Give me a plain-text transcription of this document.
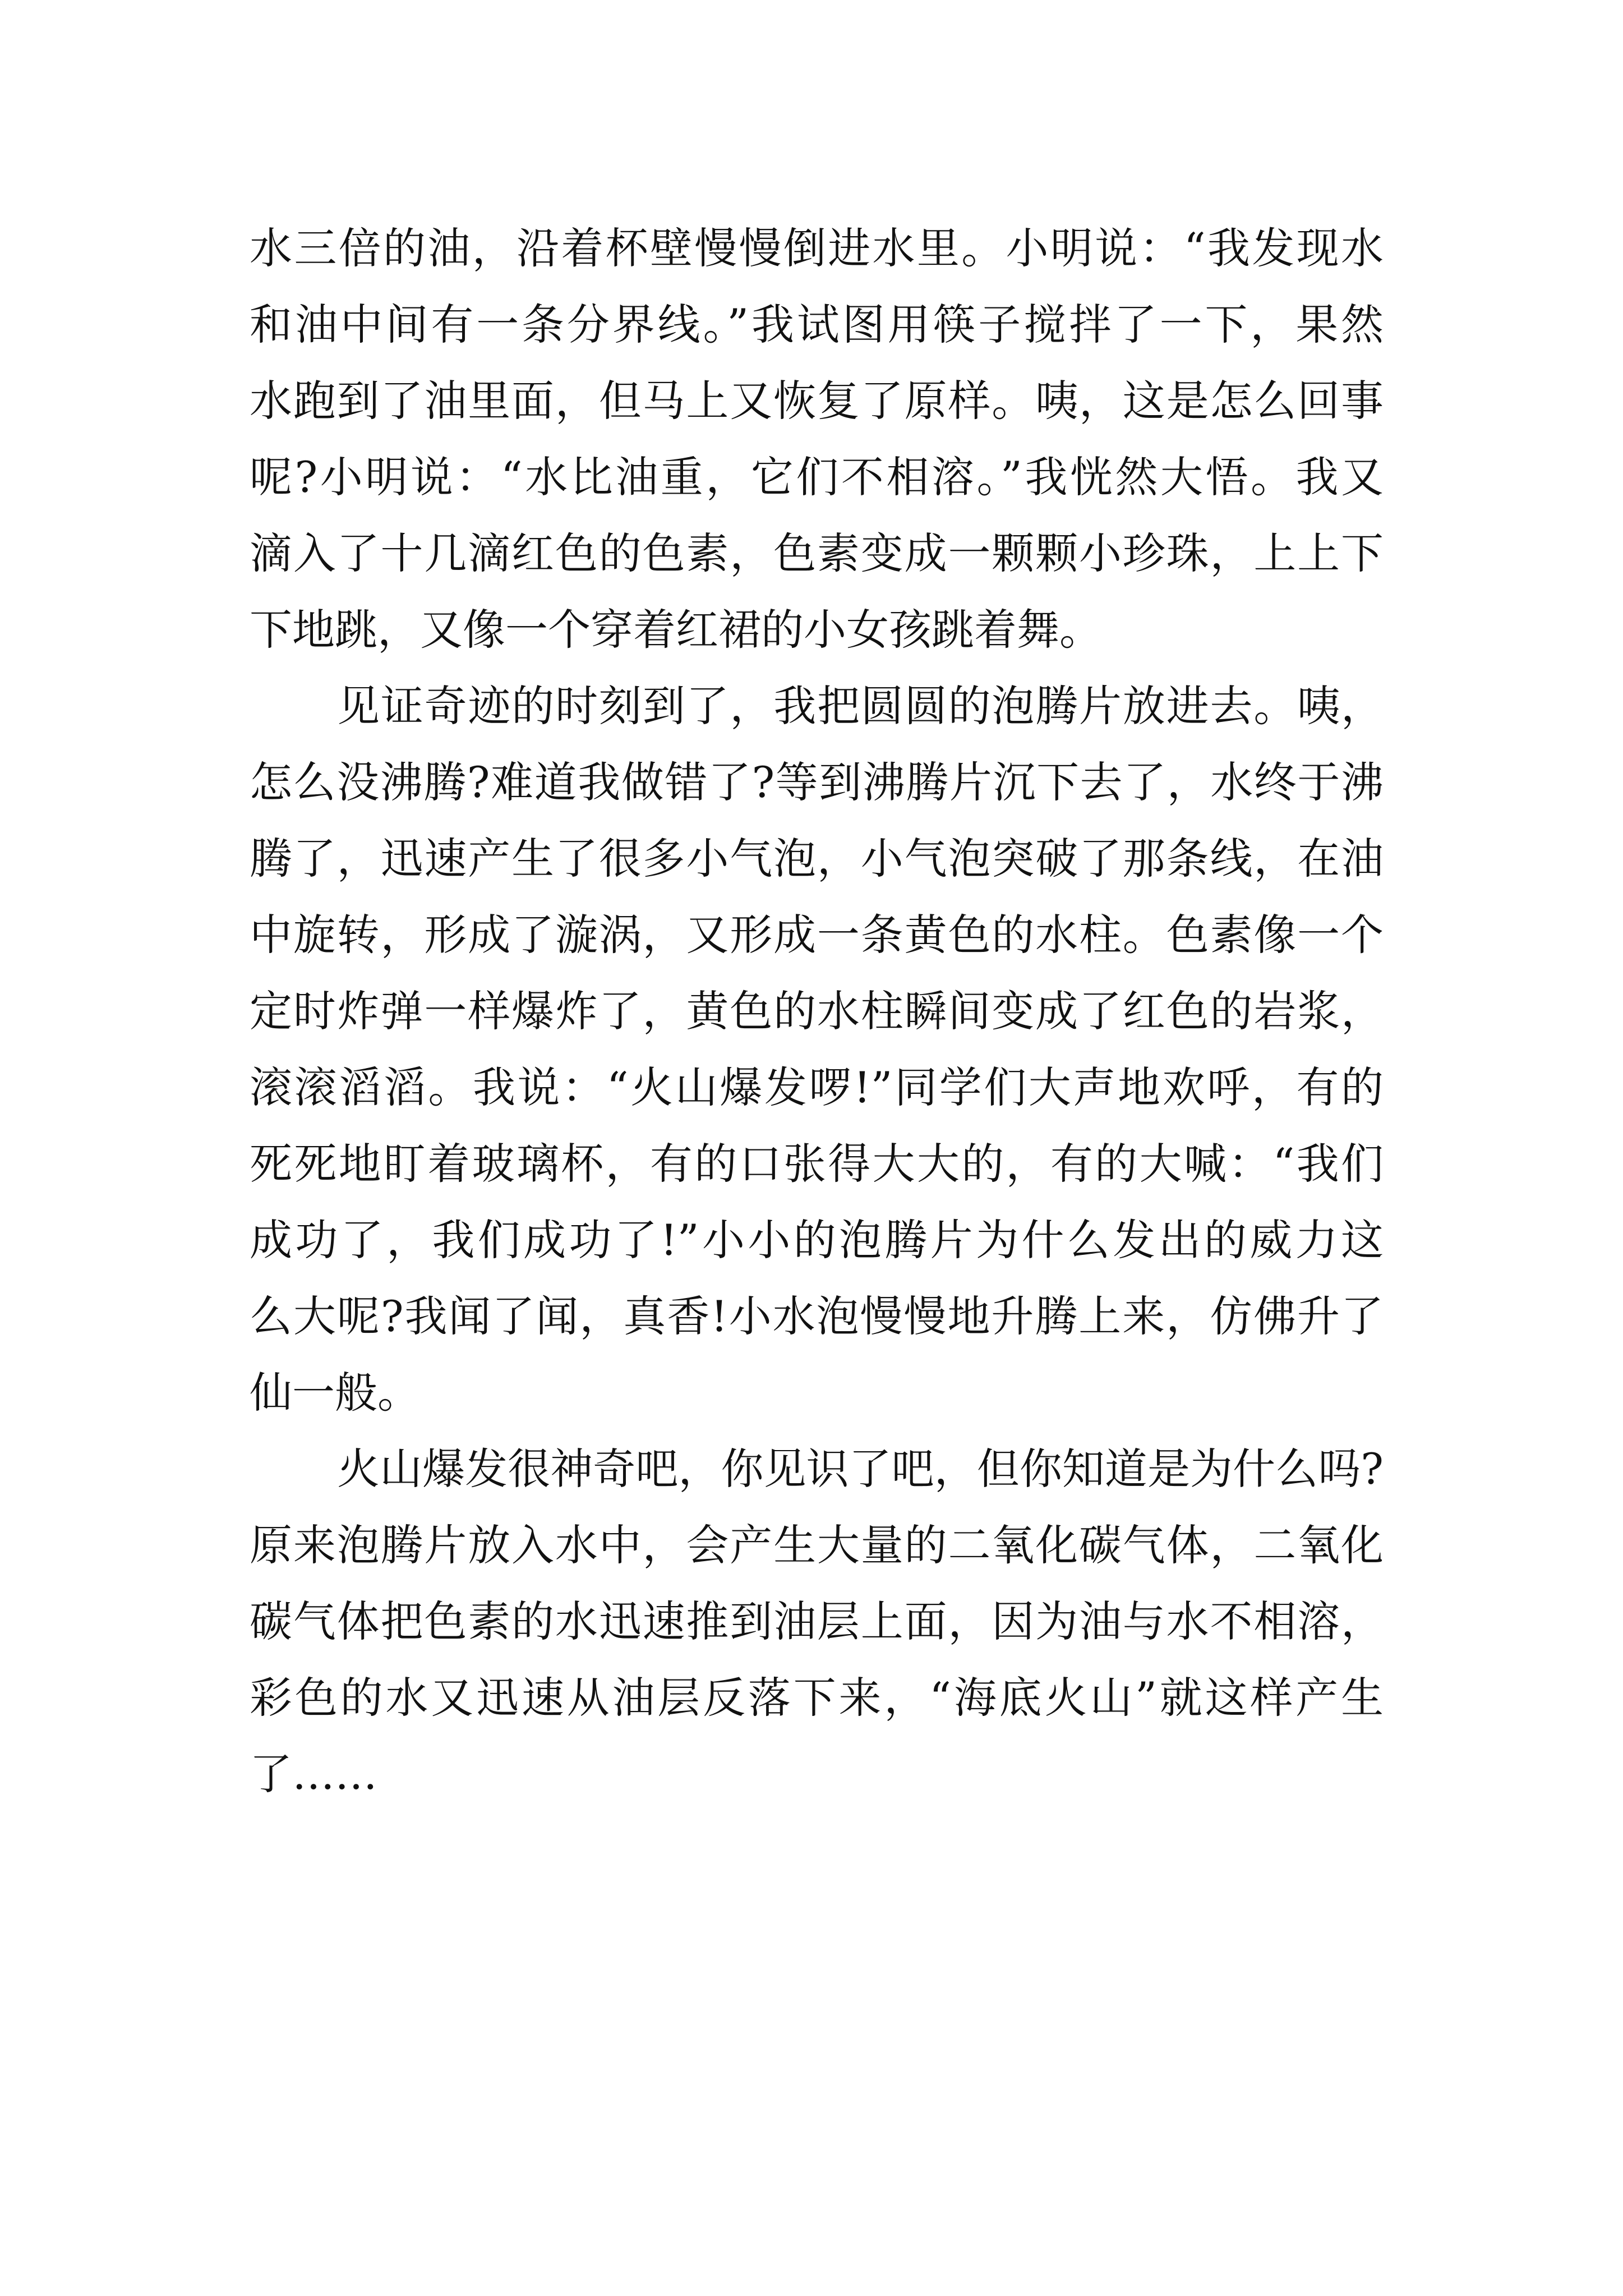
水三倍的油，沿着杯壁慢慢倒进水里。小明说：“我发现水
和油中间有一条分界线。”我试图用筷子搅拌了一下，果然
水跑到了油里面，但马上又恢复了原样。咦，这是怎么回事
呢?小明说：“水比油重，它们不相溶。”我恍然大悟。我又
滴入了十几滴红色的色素，色素变成一颗颗小珍珠，上上下
下地跳，又像一个穿着红裙的小女孩跳着舞。
见证奇迹的时刻到了，我把圆圆的泡腾片放进去。咦，
怎么没沸腾?难道我做错了?等到沸腾片沉下去了，水终于沸
腾了，迅速产生了很多小气泡，小气泡突破了那条线，在油
中旋转，形成了漩涡，又形成一条黄色的水柱。色素像一个
定时炸弹一样爆炸了，黄色的水柱瞬间变成了红色的岩浆，
滚滚滔滔。我说：“火山爆发啰!”同学们大声地欢呼，有的
死死地盯着玻璃杯，有的口张得大大的，有的大喊：“我们
成功了，我们成功了!”小小的泡腾片为什么发出的威力这
么大呢?我闻了闻，真香!小水泡慢慢地升腾上来，仿佛升了
仙一般。
火山爆发很神奇吧，你见识了吧，但你知道是为什么吗?
原来泡腾片放入水中，会产生大量的二氧化碳气体，二氧化
碳气体把色素的水迅速推到油层上面，因为油与水不相溶，
彩色的水又迅速从油层反落下来，“海底火山”就这样产生
了……
